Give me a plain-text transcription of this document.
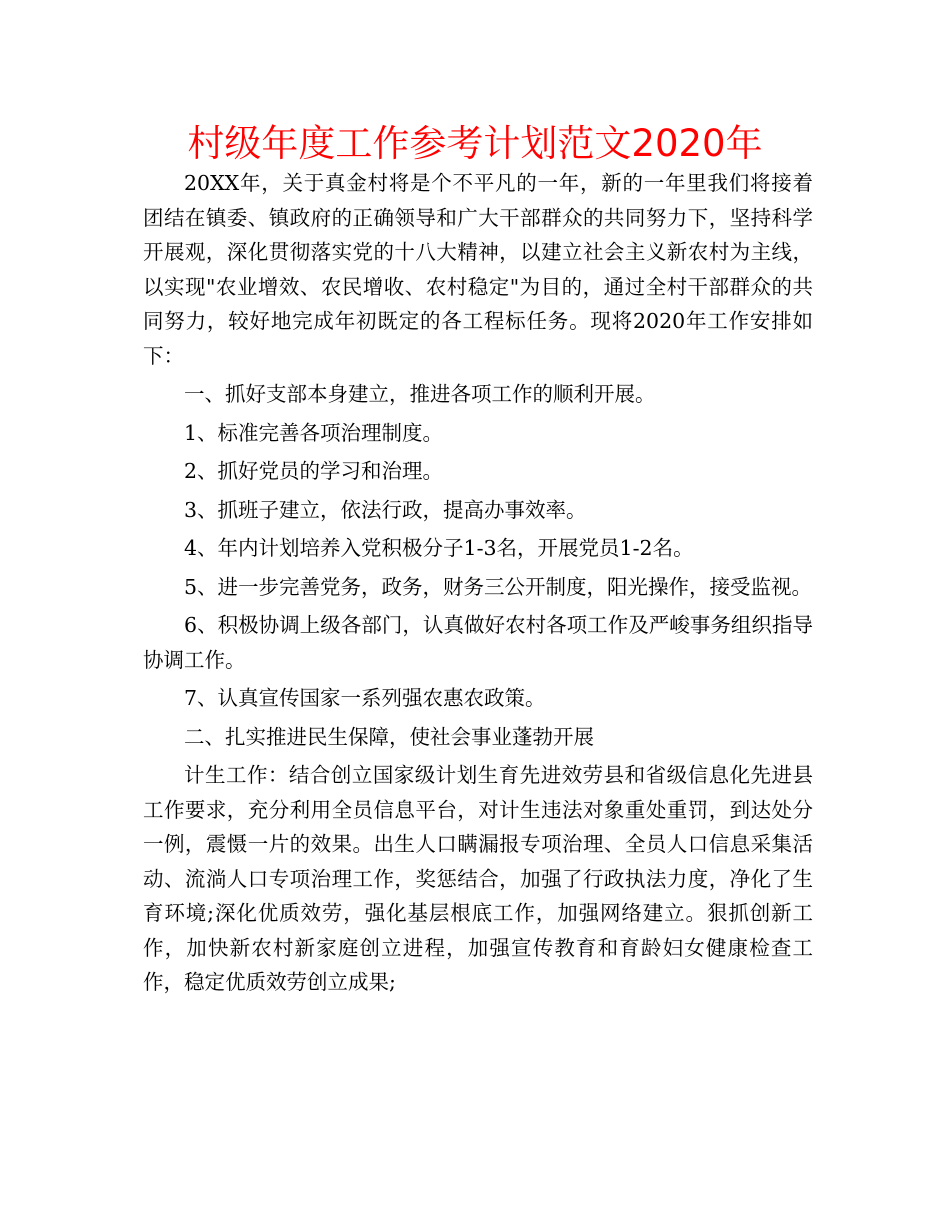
村级年度工作参考计划范文2020年

20XX年，关于真金村将是个不平凡的一年，新的一年里我们将接着团结在镇委、镇政府的正确领导和广大干部群众的共同努力下，坚持科学开展观，深化贯彻落实党的十八大精神，以建立社会主义新农村为主线，以实现"农业增效、农民增收、农村稳定"为目的，通过全村干部群众的共同努力，较好地完成年初既定的各工程标任务。现将2020年工作安排如下：

一、抓好支部本身建立，推进各项工作的顺利开展。

1、标准完善各项治理制度。

2、抓好党员的学习和治理。

3、抓班子建立，依法行政，提高办事效率。

4、年内计划培养入党积极分子1-3名，开展党员1-2名。

5、进一步完善党务，政务，财务三公开制度，阳光操作，接受监视。

6、积极协调上级各部门，认真做好农村各项工作及严峻事务组织指导协调工作。

7、认真宣传国家一系列强农惠农政策。

二、扎实推进民生保障，使社会事业蓬勃开展

计生工作：结合创立国家级计划生育先进效劳县和省级信息化先进县工作要求，充分利用全员信息平台，对计生违法对象重处重罚，到达处分一例，震慑一片的效果。出生人口瞒漏报专项治理、全员人口信息采集活动、流淌人口专项治理工作，奖惩结合，加强了行政执法力度，净化了生育环境;深化优质效劳，强化基层根底工作，加强网络建立。狠抓创新工作，加快新农村新家庭创立进程，加强宣传教育和育龄妇女健康检查工作，稳定优质效劳创立成果;
